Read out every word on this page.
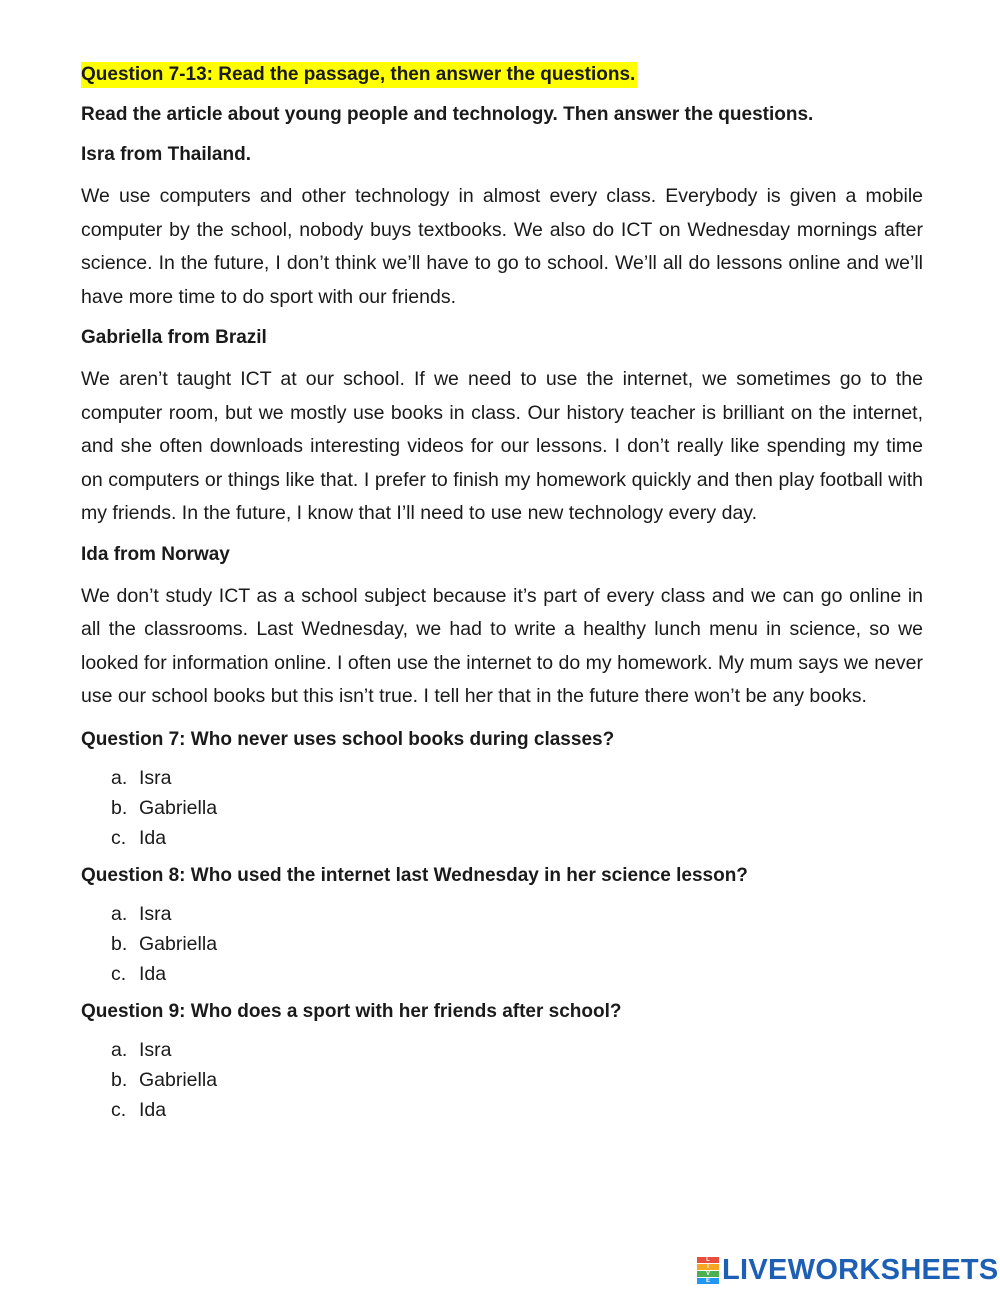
Question 7-13: Read the passage, then answer the questions.
Read the article about young people and technology. Then answer the questions.
Isra from Thailand.

We use computers and other technology in almost every class. Everybody is given a mobile computer by the school, nobody buys textbooks. We also do ICT on Wednesday mornings after science. In the future, I don’t think we’ll have to go to school. We’ll all do lessons online and we’ll have more time to do sport with our friends.

Gabriella from Brazil

We aren’t taught ICT at our school. If we need to use the internet, we sometimes go to the computer room, but we mostly use books in class. Our history teacher is brilliant on the internet, and she often downloads interesting videos for our lessons. I don’t really like spending my time on computers or things like that. I prefer to finish my homework quickly and then play football with my friends. In the future, I know that I’ll need to use new technology every day.

Ida from Norway

We don’t study ICT as a school subject because it’s part of every class and we can go online in all the classrooms. Last Wednesday, we had to write a healthy lunch menu in science, so we looked for information online. I often use the internet to do my homework. My mum says we never use our school books but this isn’t true. I tell her that in the future there won’t be any books.

Question 7: Who never uses school books during classes?
a. Isra
b. Gabriella
c. Ida
Question 8: Who used the internet last Wednesday in her science lesson?
a. Isra
b. Gabriella
c. Ida
Question 9: Who does a sport with her friends after school?
a. Isra
b. Gabriella
c. Ida
L
I
V
E LIVEWORKSHEETS
